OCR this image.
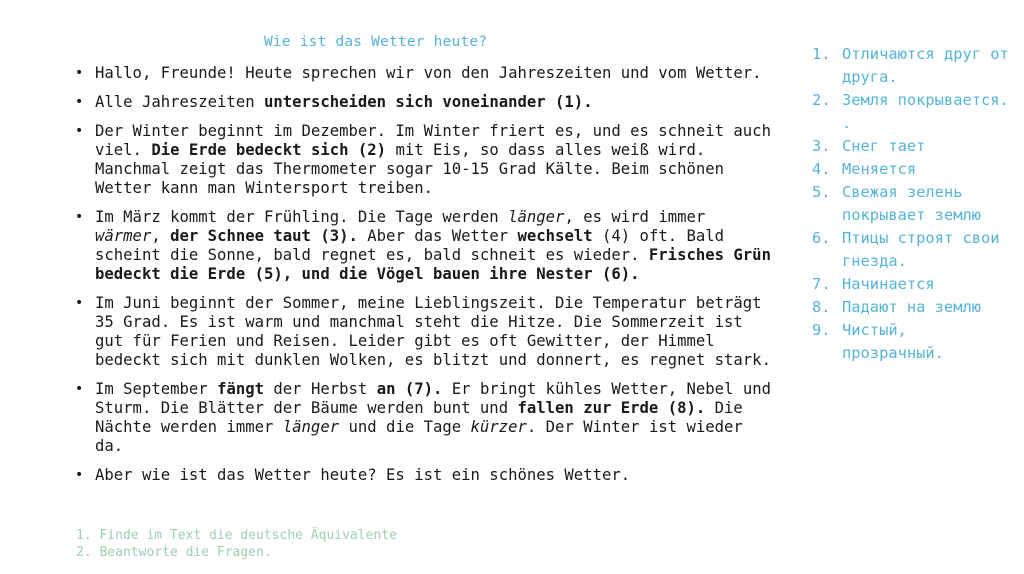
Wie ist das Wetter heute?
• Hallo, Freunde! Heute sprechen wir von den Jahreszeiten und vom Wetter.
• Alle Jahreszeiten unterscheiden sich voneinander (1).
• Der Winter beginnt im Dezember. Im Winter friert es, und es schneit auch viel. Die Erde bedeckt sich (2) mit Eis, so dass alles weiß wird. Manchmal zeigt das Thermometer sogar 10-15 Grad Kälte. Beim schönen Wetter kann man Wintersport treiben.
• Im März kommt der Frühling. Die Tage werden länger, es wird immer wärmer, der Schnee taut (3). Aber das Wetter wechselt (4) oft. Bald scheint die Sonne, bald regnet es, bald schneit es wieder. Frisches Grün bedeckt die Erde (5), und die Vögel bauen ihre Nester (6).
• Im Juni beginnt der Sommer, meine Lieblingszeit. Die Temperatur beträgt 35 Grad. Es ist warm und manchmal steht die Hitze. Die Sommerzeit ist gut für Ferien und Reisen. Leider gibt es oft Gewitter, der Himmel bedeckt sich mit dunklen Wolken, es blitzt und donnert, es regnet stark.
• Im September fängt der Herbst an (7). Er bringt kühles Wetter, Nebel und Sturm. Die Blätter der Bäume werden bunt und fallen zur Erde (8). Die Nächte werden immer länger und die Tage kürzer. Der Winter ist wieder da.
• Aber wie ist das Wetter heute? Es ist ein schönes Wetter.
1. Отличаются друг от друга.
2. Земля покрывается. .
3. Снег тает
4. Меняется
5. Свежая зелень покрывает землю
6. Птицы строят свои гнезда.
7. Начинается
8. Падают на землю
9. Чистый, прозрачный.
1. Finde im Text die deutsche Äquivalente
2. Beantworte die Fragen.
